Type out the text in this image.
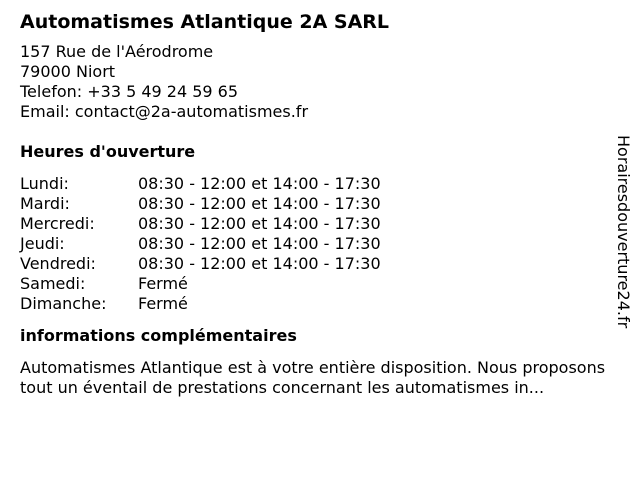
Automatismes Atlantique 2A SARL
157 Rue de l'Aérodrome
79000 Niort
Telefon: +33 5 49 24 59 65
Email: contact@2a-automatismes.fr
Heures d'ouverture
Lundi:	08:30 - 12:00 et 14:00 - 17:30
Mardi:	08:30 - 12:00 et 14:00 - 17:30
Mercredi:	08:30 - 12:00 et 14:00 - 17:30
Jeudi:	08:30 - 12:00 et 14:00 - 17:30
Vendredi:	08:30 - 12:00 et 14:00 - 17:30
Samedi:	Fermé
Dimanche: Fermé
informations complémentaires
Automatismes Atlantique est à votre entière disposition. Nous proposons tout un éventail de prestations concernant les automatismes in...
Horairesdouverture24.fr
